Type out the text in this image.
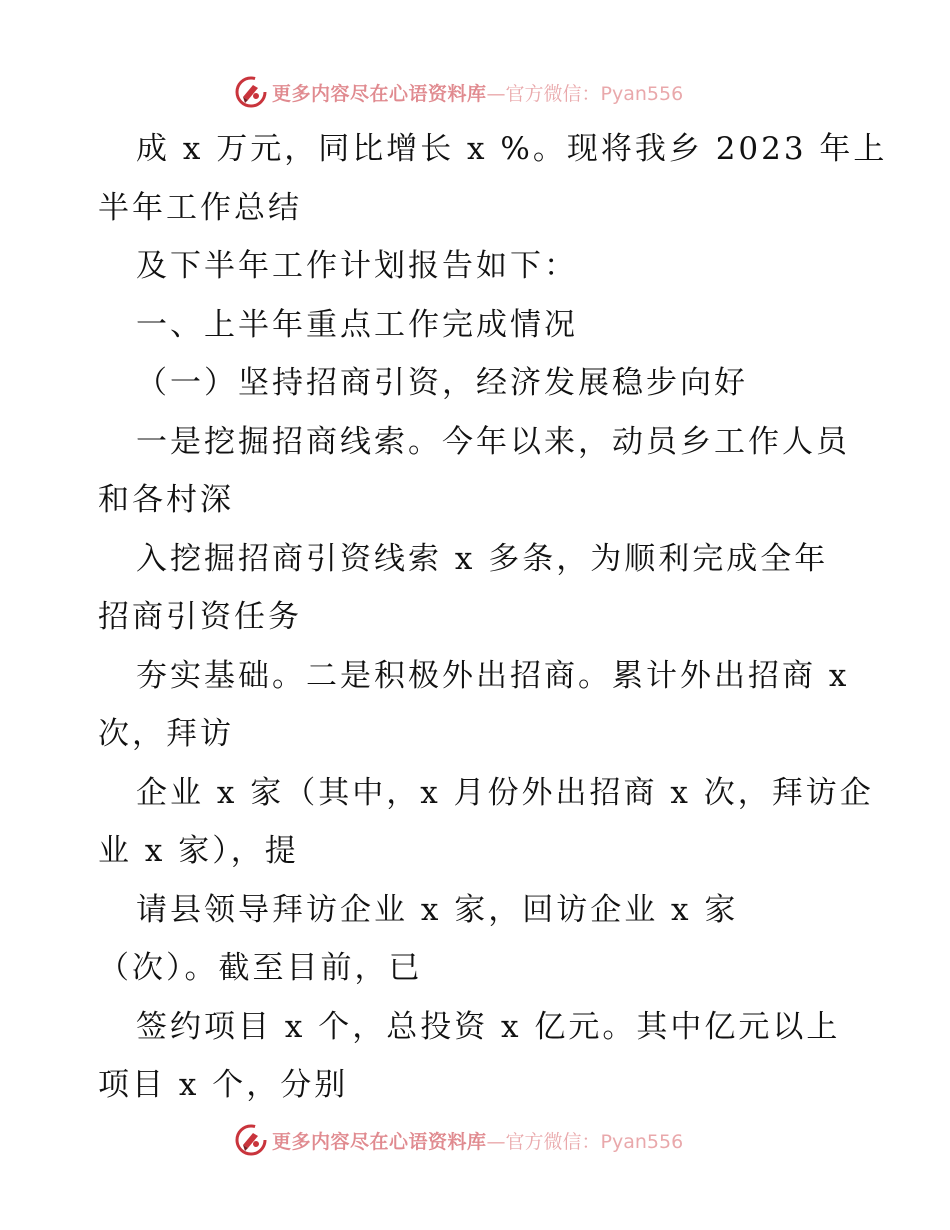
更多内容尽在心语资料库 —官方微信：Pyan556
成 x 万元，同比增长 x %。现将我乡 2023 年上
半年工作总结
及下半年工作计划报告如下：
一、上半年重点工作完成情况
（一）坚持招商引资，经济发展稳步向好
一是挖掘招商线索。今年以来，动员乡工作人员
和各村深
入挖掘招商引资线索 x 多条，为顺利完成全年
招商引资任务
夯实基础。二是积极外出招商。累计外出招商 x
次，拜访
企业 x 家（其中，x 月份外出招商 x 次，拜访企
业 x 家），提
请县领导拜访企业 x 家，回访企业 x 家
（次）。截至目前，已
签约项目 x 个，总投资 x 亿元。其中亿元以上
项目 x 个，分别
更多内容尽在心语资料库 —官方微信：Pyan556
